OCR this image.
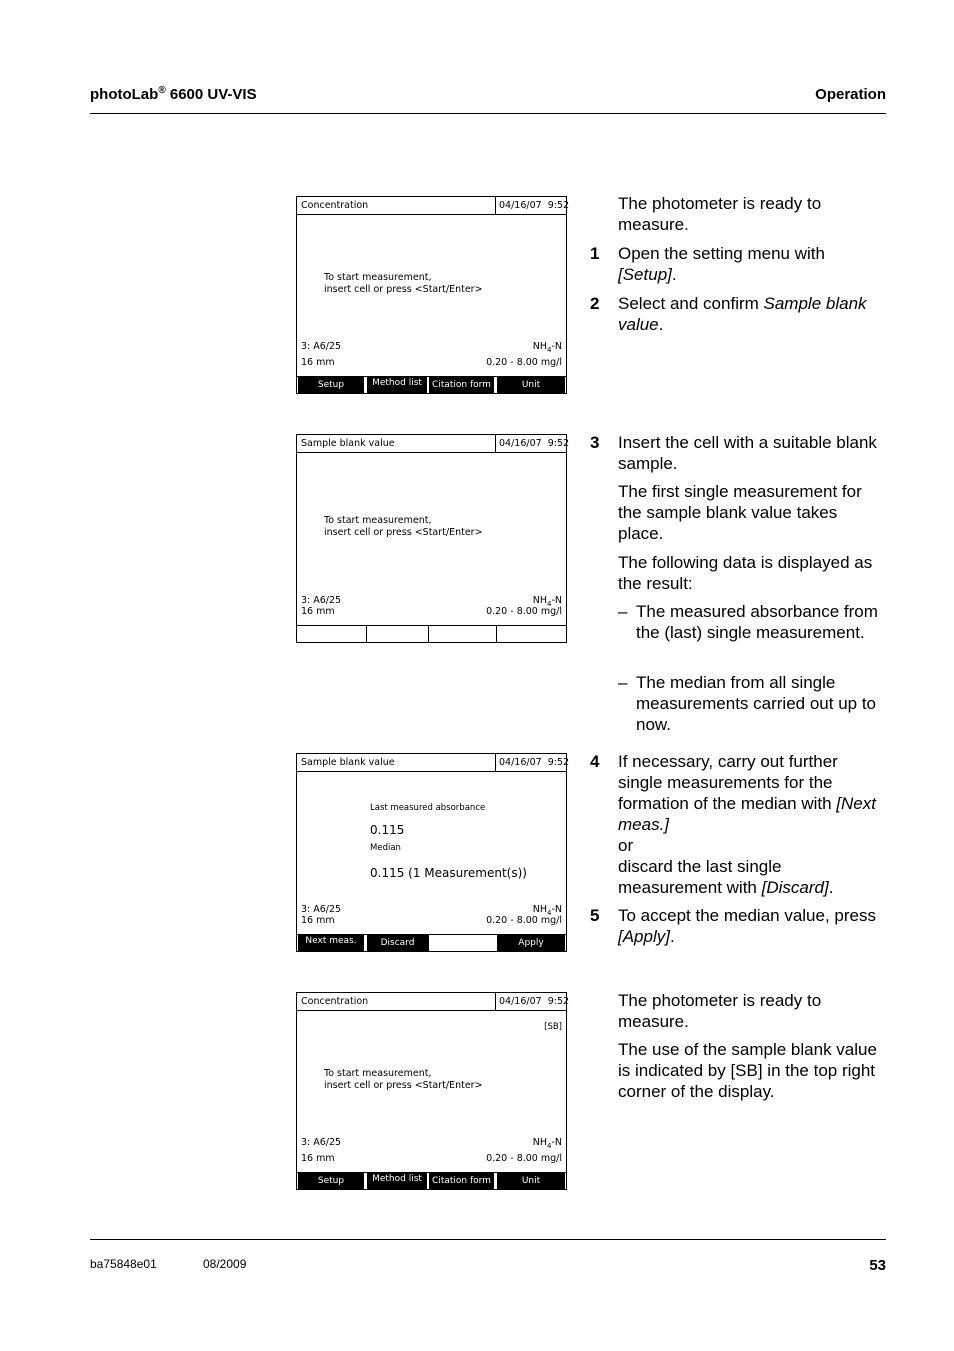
photoLab® 6600 UV-VIS	Operation
Concentration	04/16/07  9:52
To start measurement,
insert cell or press <Start/Enter>
3: A6/25	$NH_4-N$
16 mm	0.20 - 8.00 mg/l
Setup	Method list	Citation form	Unit
Sample blank value	04/16/07  9:52
To start measurement,
insert cell or press <Start/Enter>
3: A6/25	$NH_4-N$
16 mm	0.20 - 8.00 mg/l
Sample blank value	04/16/07  9:52
Last measured absorbance
0.115
Median
0.115 (1 Measurement(s))
3: A6/25	$NH_4-N$
16 mm	0.20 - 8.00 mg/l
Next meas.	Discard	Apply
Concentration	04/16/07  9:52
[SB]
To start measurement,
insert cell or press <Start/Enter>
3: A6/25	$NH_4-N$
16 mm	0.20 - 8.00 mg/l
Setup	Method list	Citation form	Unit
The photometer is ready to measure.
1 Open the setting menu with [Setup].
2 Select and confirm Sample blank value.
3 Insert the cell with a suitable blank sample.
The first single measurement for the sample blank value takes place.
The following data is displayed as the result:
– The measured absorbance from the (last) single measurement.
– The median from all single measurements carried out up to now.
4 If necessary, carry out further single measurements for the formation of the median with [Next meas.]
or
discard the last single measurement with [Discard].
5 To accept the median value, press [Apply].
The photometer is ready to measure.
The use of the sample blank value is indicated by [SB] in the top right corner of the display.
ba75848e01	08/2009	53
